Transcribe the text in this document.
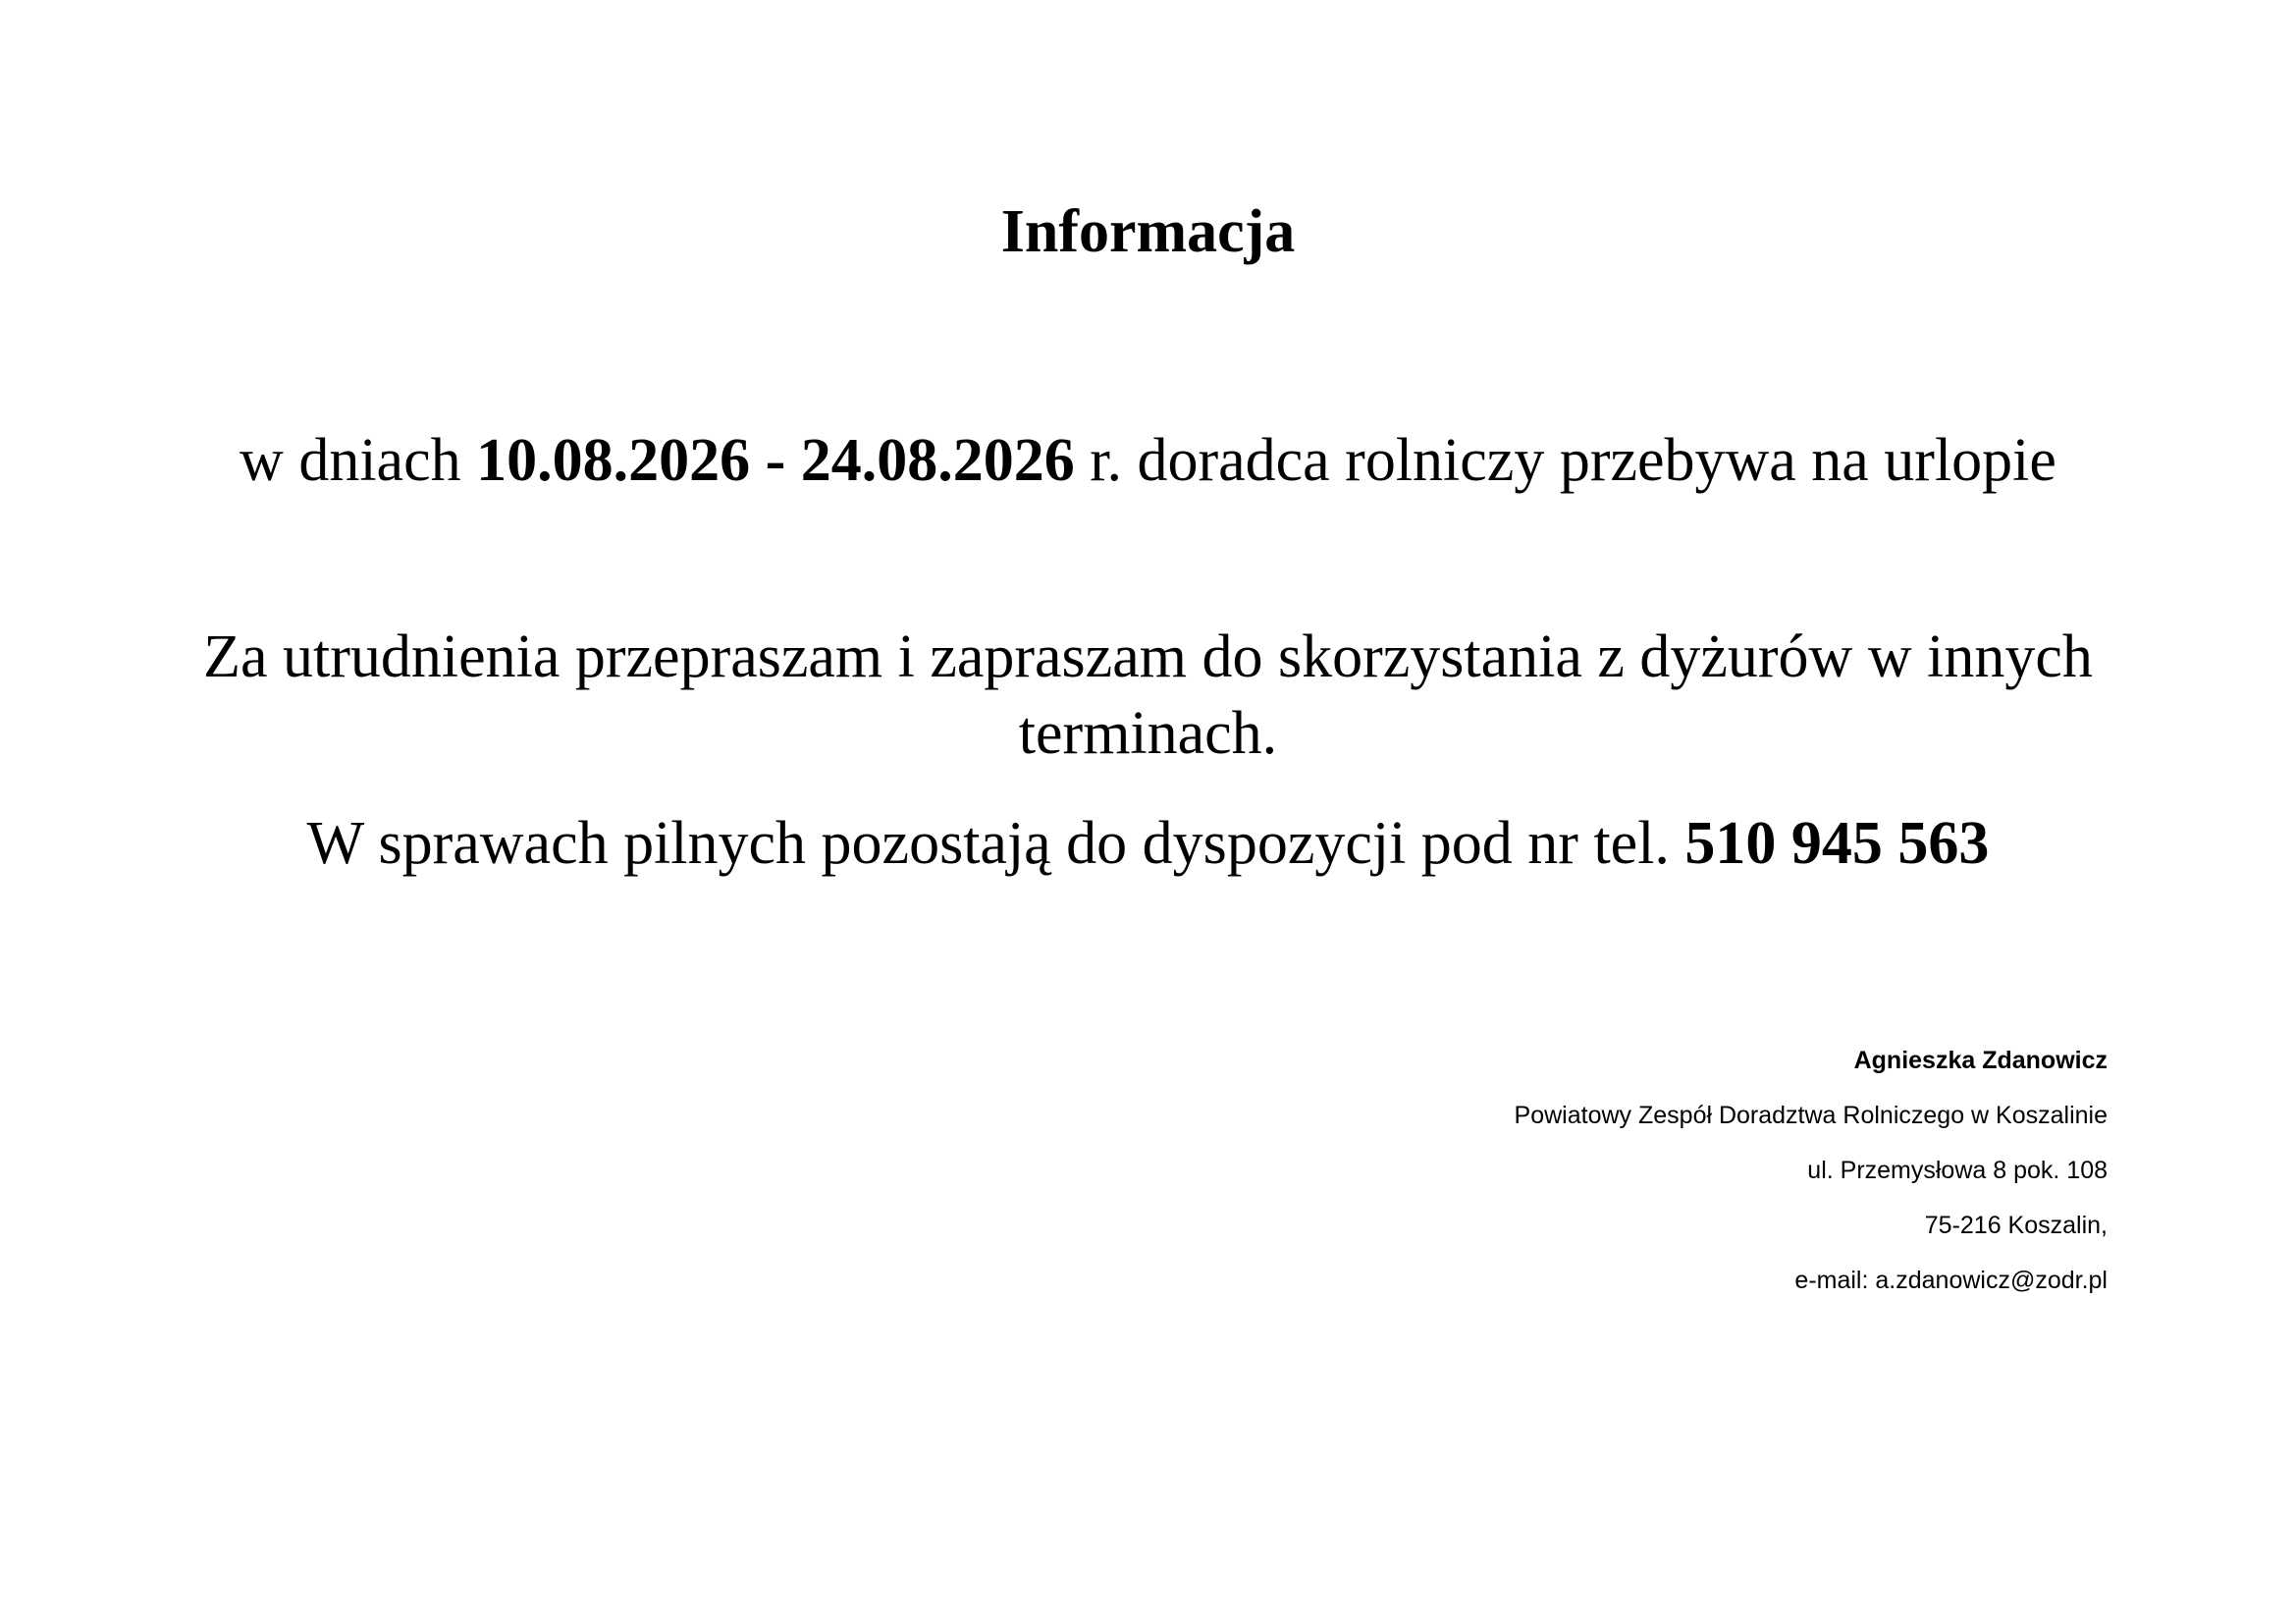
Informacja
w dniach 10.08.2026 - 24.08.2026 r. doradca rolniczy przebywa na urlopie
Za utrudnienia przepraszam i zapraszam do skorzystania z dyżurów w innych terminach.
W sprawach pilnych pozostają do dyspozycji pod nr tel. 510 945 563
Agnieszka Zdanowicz
Powiatowy Zespół Doradztwa Rolniczego w Koszalinie
ul. Przemysłowa 8 pok. 108
75-216 Koszalin,
e-mail: a.zdanowicz@zodr.pl
